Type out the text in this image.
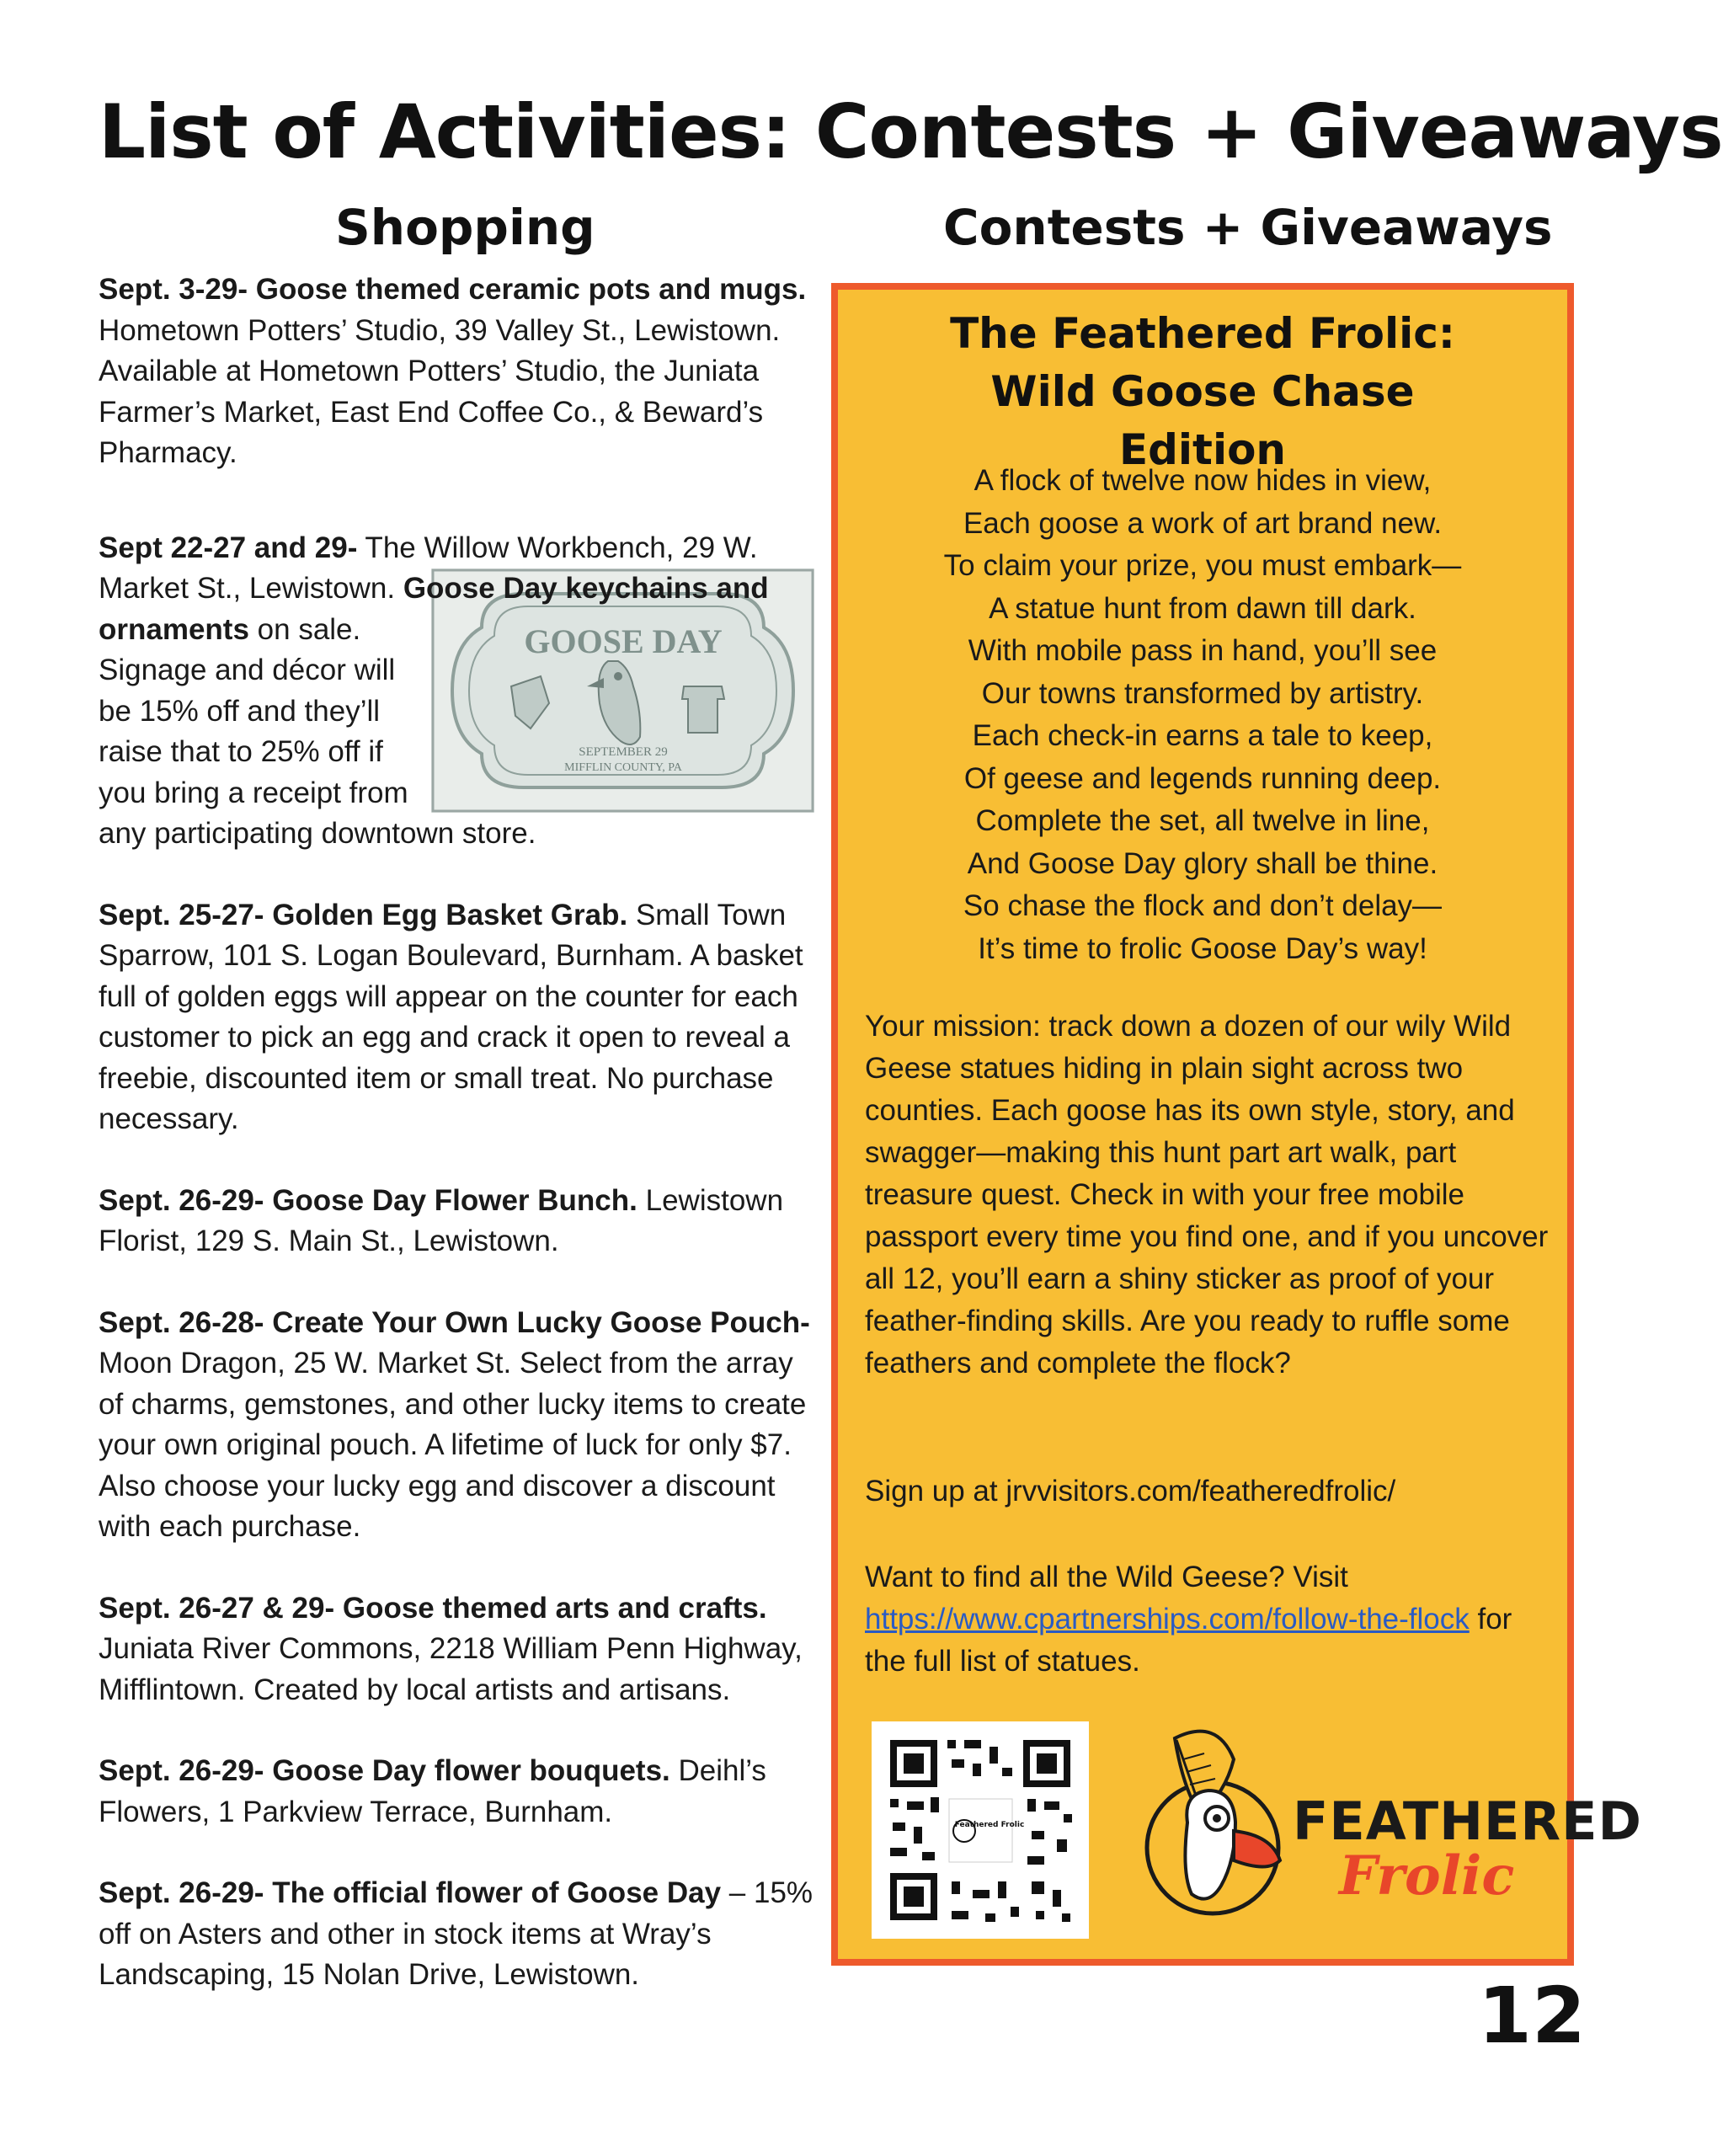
List of Activities: Contests + Giveaways
Shopping	Contests + Giveaways

Sept. 3-29- Goose themed ceramic pots and mugs. Hometown Potters’ Studio, 39 Valley St., Lewistown. Available at Hometown Potters’ Studio, the Juniata Farmer’s Market, East End Coffee Co., & Beward’s Pharmacy.

Sept 22-27 and 29- The Willow Workbench, 29 W. Market St., Lewistown.
GOOSE DAY
SEPTEMBER 29
MIFFLIN COUNTY, PA
Goose Day keychains and ornaments on sale. Signage and décor will be 15% off and they’ll raise that to 25% off if you bring a receipt from any participating downtown store.

Sept. 25-27- Golden Egg Basket Grab. Small Town Sparrow, 101 S. Logan Boulevard, Burnham. A basket full of golden eggs will appear on the counter for each customer to pick an egg and crack it open to reveal a freebie, discounted item or small treat. No purchase necessary.

Sept. 26-29- Goose Day Flower Bunch. Lewistown Florist, 129 S. Main St., Lewistown.

Sept. 26-28- Create Your Own Lucky Goose Pouch- Moon Dragon, 25 W. Market St. Select from the array of charms, gemstones, and other lucky items to create your own original pouch. A lifetime of luck for only $7. Also choose your lucky egg and discover a discount with each purchase.

Sept. 26-27 & 29- Goose themed arts and crafts. Juniata River Commons, 2218 William Penn Highway, Mifflintown. Created by local artists and artisans.

Sept. 26-29- Goose Day flower bouquets. Deihl’s Flowers, 1 Parkview Terrace, Burnham.

Sept. 26-29- The official flower of Goose Day – 15% off on Asters and other in stock items at Wray’s Landscaping, 15 Nolan Drive, Lewistown.

The Feathered Frolic: Wild Goose Chase Edition
A flock of twelve now hides in view,
Each goose a work of art brand new.
To claim your prize, you must embark—
A statue hunt from dawn till dark.
With mobile pass in hand, you’ll see
Our towns transformed by artistry.
Each check-in earns a tale to keep,
Of geese and legends running deep.
Complete the set, all twelve in line,
And Goose Day glory shall be thine.
So chase the flock and don’t delay—
It’s time to frolic Goose Day’s way!

Your mission: track down a dozen of our wily Wild Geese statues hiding in plain sight across two counties. Each goose has its own style, story, and swagger—making this hunt part art walk, part treasure quest. Check in with your free mobile passport every time you find one, and if you uncover all 12, you’ll earn a shiny sticker as proof of your feather-finding skills. Are you ready to ruffle some feathers and complete the flock?

Sign up at jrvvisitors.com/featheredfrolic/

Want to find all the Wild Geese? Visit https://www.cpartnerships.com/follow-the-flock for the full list of statues.

Feathered Frolic	FEATHERED
Frolic
12
